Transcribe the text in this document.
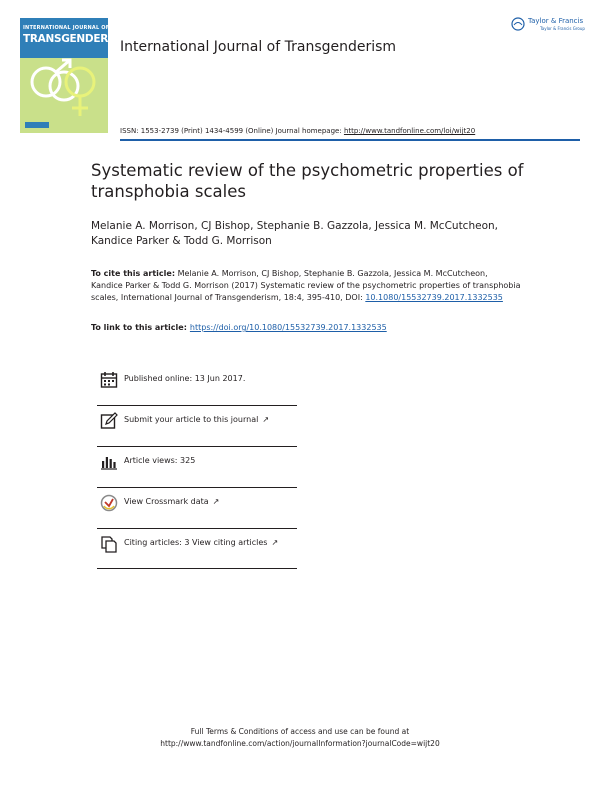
INTERNATIONAL JOURNAL OF
TRANSGENDERISM
International Journal of Transgenderism
Taylor & Francis
Taylor & Francis Group
ISSN: 1553-2739 (Print) 1434-4599 (Online) Journal homepage: http://www.tandfonline.com/loi/wijt20
Systematic review of the psychometric properties of transphobia scales
Melanie A. Morrison, CJ Bishop, Stephanie B. Gazzola, Jessica M. McCutcheon, Kandice Parker & Todd G. Morrison
To cite this article: Melanie A. Morrison, CJ Bishop, Stephanie B. Gazzola, Jessica M. McCutcheon, Kandice Parker & Todd G. Morrison (2017) Systematic review of the psychometric properties of transphobia scales, International Journal of Transgenderism, 18:4, 395-410, DOI: 10.1080/15532739.2017.1332535
To link to this article: https://doi.org/10.1080/15532739.2017.1332535
Published online: 13 Jun 2017.
Submit your article to this journal ↗
Article views: 325
View Crossmark data ↗
Citing articles: 3 View citing articles ↗
Full Terms & Conditions of access and use can be found at
http://www.tandfonline.com/action/journalInformation?journalCode=wijt20
